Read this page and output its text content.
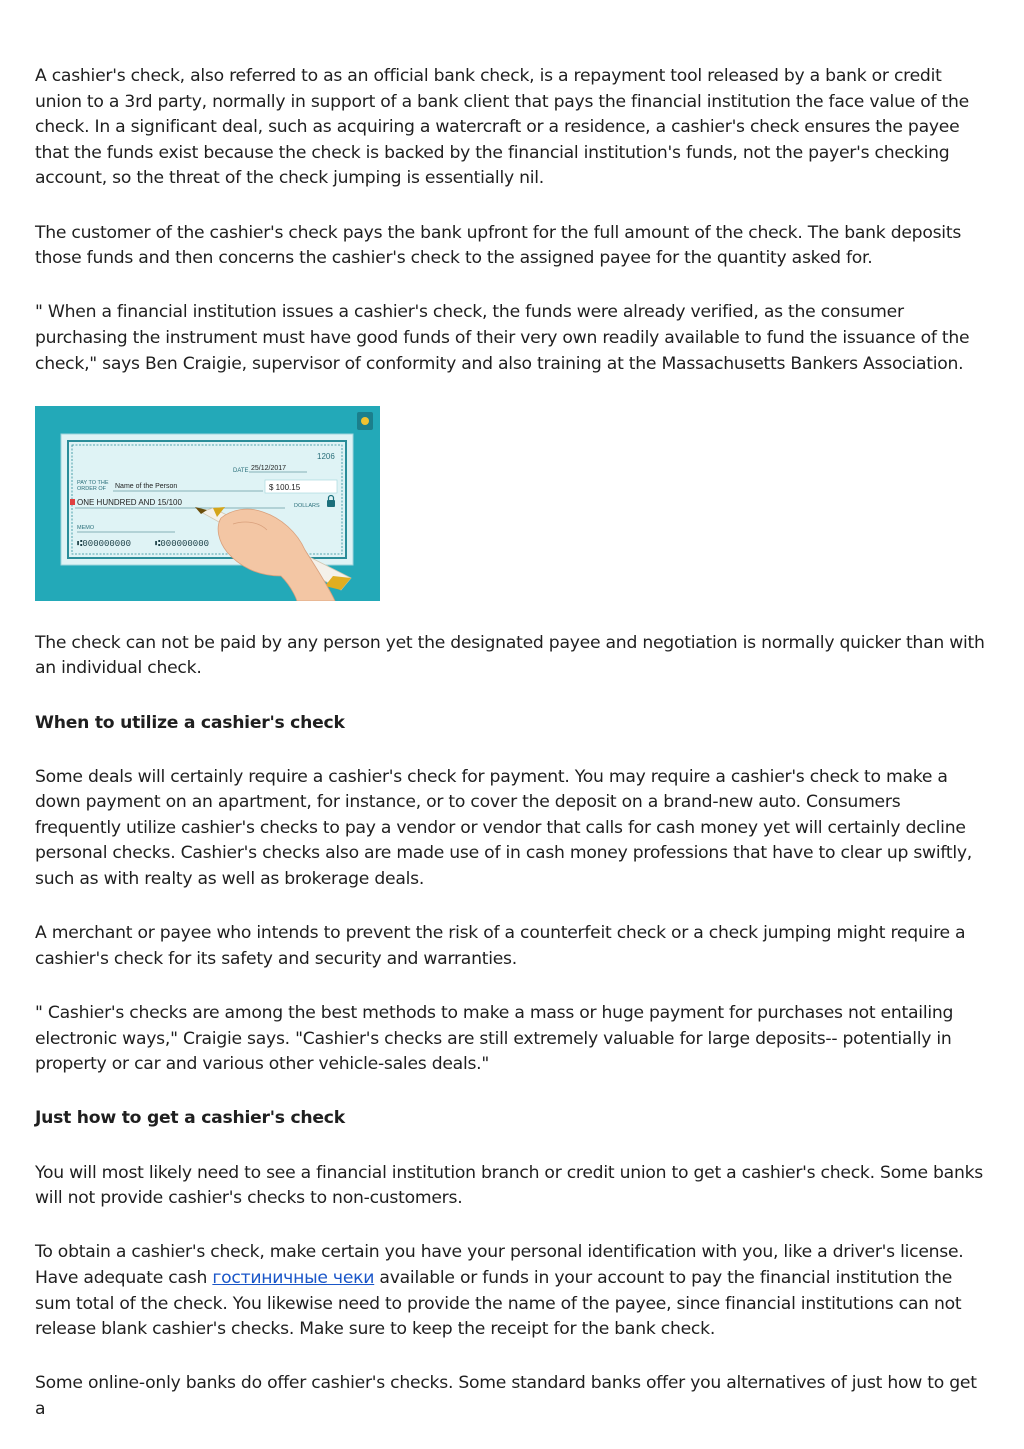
A cashier's check, also referred to as an official bank check, is a repayment tool released by a bank or credit union to a 3rd party, normally in support of a bank client that pays the financial institution the face value of the check. In a significant deal, such as acquiring a watercraft or a residence, a cashier's check ensures the payee that the funds exist because the check is backed by the financial institution's funds, not the payer's checking account, so the threat of the check jumping is essentially nil.

The customer of the cashier's check pays the bank upfront for the full amount of the check. The bank deposits those funds and then concerns the cashier's check to the assigned payee for the quantity asked for.

" When a financial institution issues a cashier's check, the funds were already verified, as the consumer purchasing the instrument must have good funds of their very own readily available to fund the issuance of the check," says Ben Craigie, supervisor of conformity and also training at the Massachusetts Bankers Association.

1206
DATE 25/12/2017
PAY TO THE
ORDER OF Name of the Person	$ 100.15
ONE HUNDRED AND 15/100	DOLLARS
MEMO
⑆000000000	⑆000000000

The check can not be paid by any person yet the designated payee and negotiation is normally quicker than with an individual check.

When to utilize a cashier's check

Some deals will certainly require a cashier's check for payment. You may require a cashier's check to make a down payment on an apartment, for instance, or to cover the deposit on a brand-new auto. Consumers frequently utilize cashier's checks to pay a vendor or vendor that calls for cash money yet will certainly decline personal checks. Cashier's checks also are made use of in cash money professions that have to clear up swiftly, such as with realty as well as brokerage deals.

A merchant or payee who intends to prevent the risk of a counterfeit check or a check jumping might require a cashier's check for its safety and security and warranties.

" Cashier's checks are among the best methods to make a mass or huge payment for purchases not entailing electronic ways," Craigie says. "Cashier's checks are still extremely valuable for large deposits-- potentially in property or car and various other vehicle-sales deals."

Just how to get a cashier's check

You will most likely need to see a financial institution branch or credit union to get a cashier's check. Some banks will not provide cashier's checks to non-customers.

To obtain a cashier's check, make certain you have your personal identification with you, like a driver's license. Have adequate cash гостиничные чеки available or funds in your account to pay the financial institution the sum total of the check. You likewise need to provide the name of the payee, since financial institutions can not release blank cashier's checks. Make sure to keep the receipt for the bank check.

Some online-only banks do offer cashier's checks. Some standard banks offer you alternatives of just how to get a
